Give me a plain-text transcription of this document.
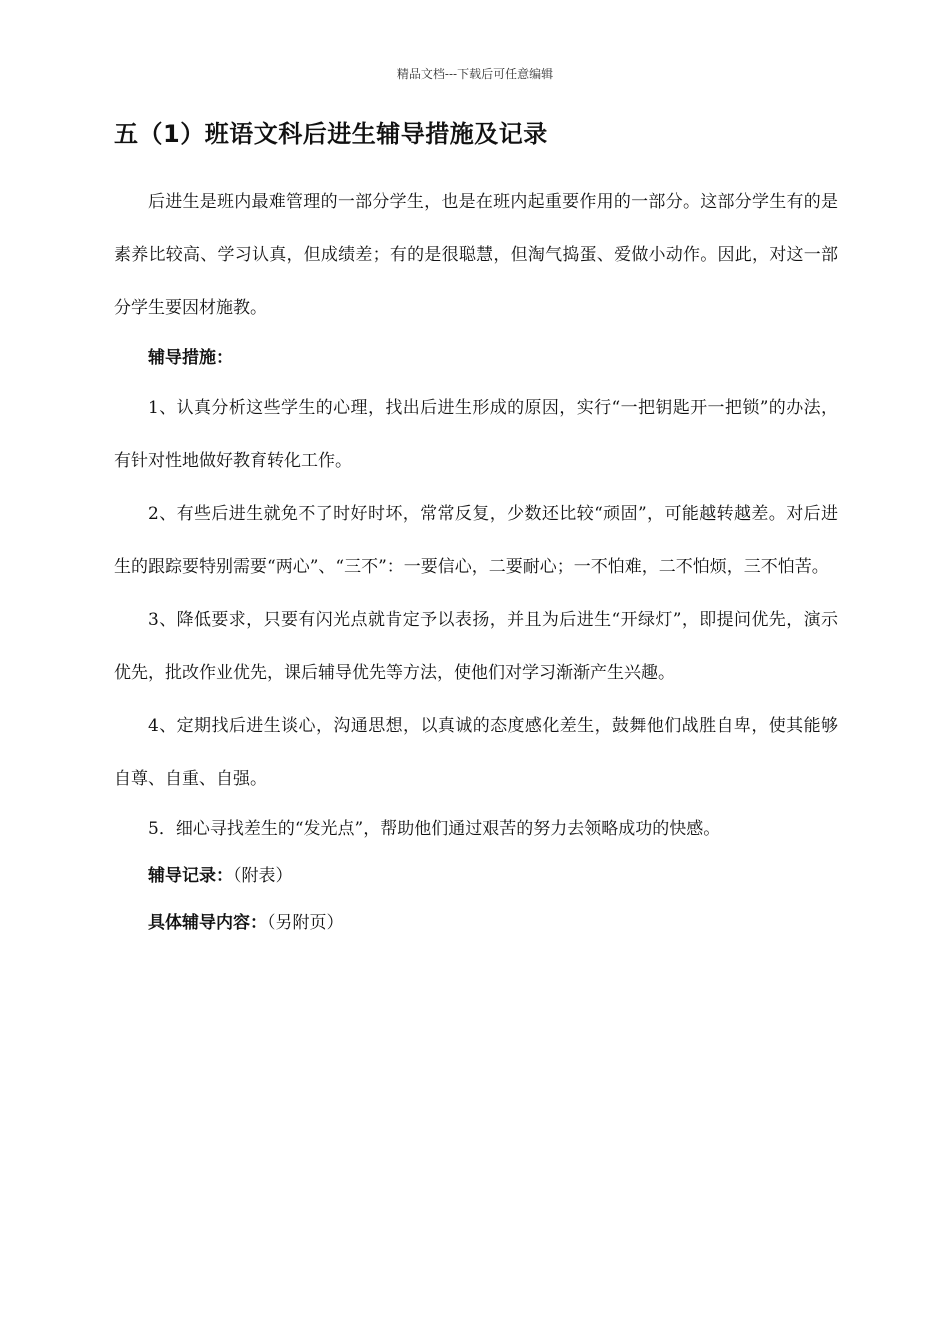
精品文档---下载后可任意编辑
五（1）班语文科后进生辅导措施及记录

后进生是班内最难管理的一部分学生，也是在班内起重要作用的一部分。这部分学生有的是素养比较高、学习认真，但成绩差；有的是很聪慧，但淘气捣蛋、爱做小动作。因此，对这一部分学生要因材施教。

辅导措施：

1、认真分析这些学生的心理，找出后进生形成的原因，实行“一把钥匙开一把锁”的办法，有针对性地做好教育转化工作。

2、有些后进生就免不了时好时坏，常常反复，少数还比较“顽固”，可能越转越差。对后进生的跟踪要特别需要“两心”、“三不”：一要信心，二要耐心；一不怕难，二不怕烦，三不怕苦。

3、降低要求，只要有闪光点就肯定予以表扬，并且为后进生“开绿灯”，即提问优先，演示优先，批改作业优先，课后辅导优先等方法，使他们对学习渐渐产生兴趣。

4、定期找后进生谈心，沟通思想，以真诚的态度感化差生，鼓舞他们战胜自卑，使其能够自尊、自重、自强。

5．细心寻找差生的“发光点”，帮助他们通过艰苦的努力去领略成功的快感。

辅导记录：（附表）

具体辅导内容：（另附页）
